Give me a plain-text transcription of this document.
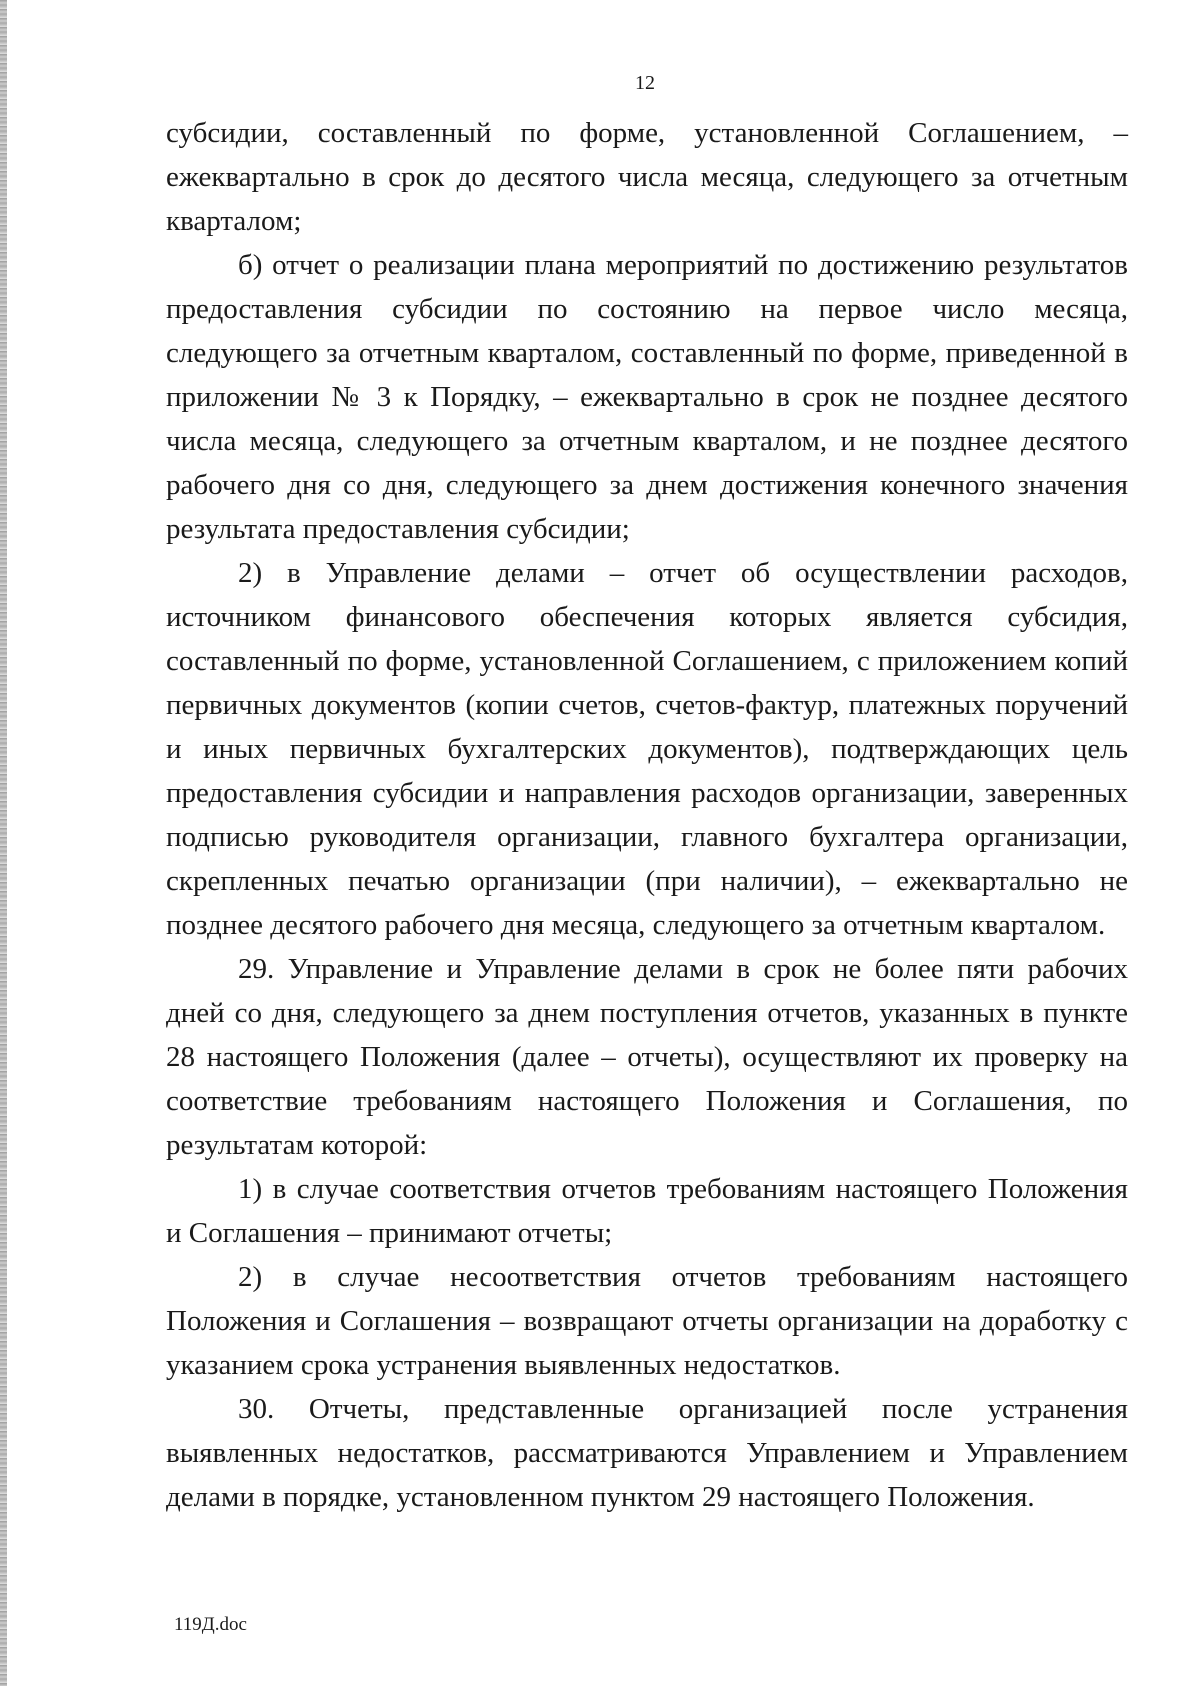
12

субсидии, составленный по форме, установленной Соглашением, – ежеквартально в срок до десятого числа месяца, следующего за отчетным кварталом;

б) отчет о реализации плана мероприятий по достижению результатов предоставления субсидии по состоянию на первое число месяца, следующего за отчетным кварталом, составленный по форме, приведенной в приложении № 3 к Порядку, – ежеквартально в срок не позднее десятого числа месяца, следующего за отчетным кварталом, и не позднее десятого рабочего дня со дня, следующего за днем достижения конечного значения результата предоставления субсидии;

2) в Управление делами – отчет об осуществлении расходов, источником финансового обеспечения которых является субсидия, составленный по форме, установленной Соглашением, с приложением копий первичных документов (копии счетов, счетов-фактур, платежных поручений и иных первичных бухгалтерских документов), подтверждающих цель предоставления субсидии и направления расходов организации, заверенных подписью руководителя организации, главного бухгалтера организации, скрепленных печатью организации (при наличии), – ежеквартально не позднее десятого рабочего дня месяца, следующего за отчетным кварталом.

29. Управление и Управление делами в срок не более пяти рабочих дней со дня, следующего за днем поступления отчетов, указанных в пункте 28 настоящего Положения (далее – отчеты), осуществляют их проверку на соответствие требованиям настоящего Положения и Соглашения, по результатам которой:

1) в случае соответствия отчетов требованиям настоящего Положения и Соглашения – принимают отчеты;

2) в случае несоответствия отчетов требованиям настоящего Положения и Соглашения – возвращают отчеты организации на доработку с указанием срока устранения выявленных недостатков.

30. Отчеты, представленные организацией после устранения выявленных недостатков, рассматриваются Управлением и Управлением делами в порядке, установленном пунктом 29 настоящего Положения.

119Д.doc
